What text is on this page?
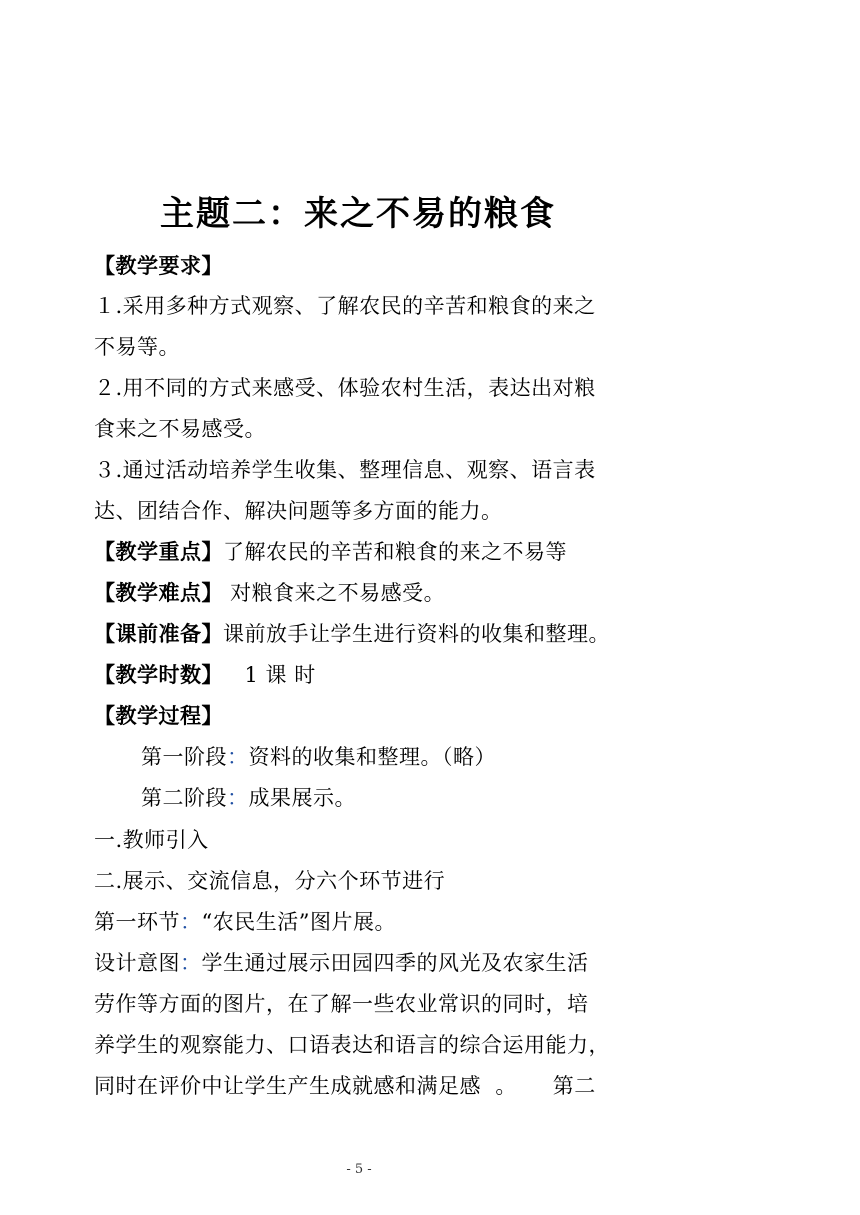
主题二：来之不易的粮食
【教学要求】
１.采用多种方式观察、了解农民的辛苦和粮食的来之
不易等。
２.用不同的方式来感受、体验农村生活，表达出对粮
食来之不易感受。
３.通过活动培养学生收集、整理信息、观察、语言表
达、团结合作、解决问题等多方面的能力。
【教学重点】了解农民的辛苦和粮食的来之不易等
【教学难点】 对粮食来之不易感受。
【课前准备】课前放手让学生进行资料的收集和整理。
【教学时数】   1 课 时
【教学过程】
第一阶段：资料的收集和整理。（略）
第二阶段：成果展示。
一.教师引入
二.展示、交流信息，分六个环节进行
第一环节：“农民生活”图片展。
设计意图：学生通过展示田园四季的风光及农家生活
劳作等方面的图片，在了解一些农业常识的同时，培
养学生的观察能力、口语表达和语言的综合运用能力，
同时在评价中让学生产生成就感和满足感  。     第二
- 5 -
